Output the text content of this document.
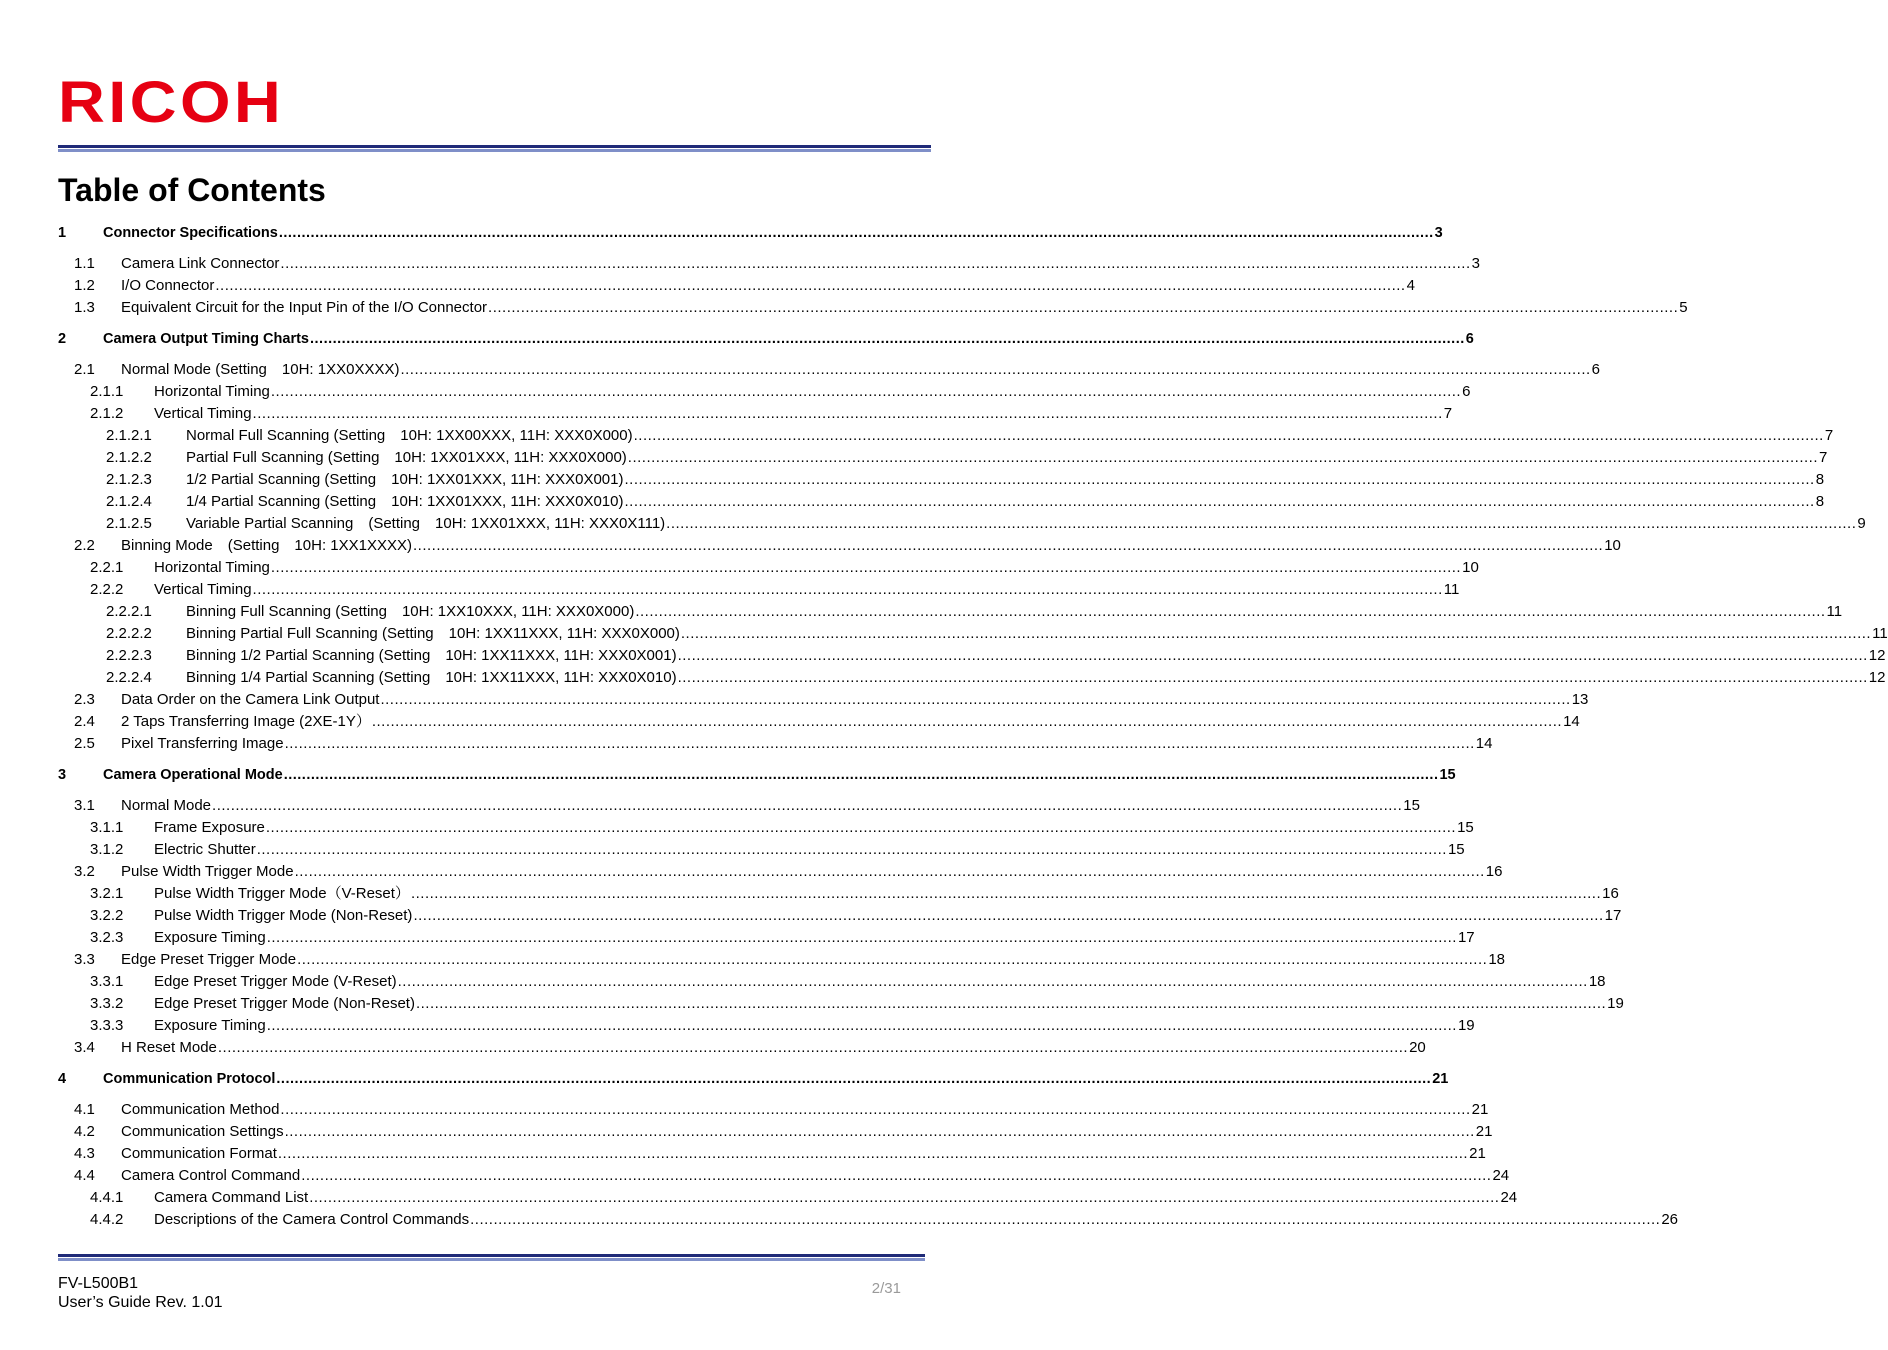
RICOH
Table of Contents
1	Connector Specifications .....	3
1.1	Camera Link Connector .....	3
1.2	I/O Connector .....	4
1.3	Equivalent Circuit for the Input Pin of the I/O Connector .....	5
2	Camera Output Timing Charts .....	6
2.1	Normal Mode (Setting　10H: 1XX0XXXX) .....	6
2.1.1	Horizontal Timing .....	6
2.1.2	Vertical Timing .....	7
2.1.2.1	Normal Full Scanning (Setting　10H: 1XX00XXX, 11H: XXX0X000) .....	7
2.1.2.2	Partial Full Scanning (Setting　10H: 1XX01XXX, 11H: XXX0X000) .....	7
2.1.2.3	1/2 Partial Scanning (Setting　10H: 1XX01XXX, 11H: XXX0X001) .....	8
2.1.2.4	1/4 Partial Scanning (Setting　10H: 1XX01XXX, 11H: XXX0X010) .....	8
2.1.2.5	Variable Partial Scanning　(Setting　10H: 1XX01XXX, 11H: XXX0X111) .....	9
2.2	Binning Mode　(Setting　10H: 1XX1XXXX) .....	10
2.2.1	Horizontal Timing .....	10
2.2.2	Vertical Timing .....	11
2.2.2.1	Binning Full Scanning (Setting　10H: 1XX10XXX, 11H: XXX0X000) .....	11
2.2.2.2	Binning Partial Full Scanning (Setting　10H: 1XX11XXX, 11H: XXX0X000) .....	11
2.2.2.3	Binning 1/2 Partial Scanning (Setting　10H: 1XX11XXX, 11H: XXX0X001) .....	12
2.2.2.4	Binning 1/4 Partial Scanning (Setting　10H: 1XX11XXX, 11H: XXX0X010) .....	12
2.3	Data Order on the Camera Link Output .....	13
2.4	2 Taps Transferring Image (2XE-1Y） .....	14
2.5	Pixel Transferring Image .....	14
3	Camera Operational Mode .....	15
3.1	Normal Mode .....	15
3.1.1	Frame Exposure .....	15
3.1.2	Electric Shutter .....	15
3.2	Pulse Width Trigger Mode .....	16
3.2.1	Pulse Width Trigger Mode（V-Reset） .....	16
3.2.2	Pulse Width Trigger Mode (Non-Reset) .....	17
3.2.3	Exposure Timing .....	17
3.3	Edge Preset Trigger Mode .....	18
3.3.1	Edge Preset Trigger Mode (V-Reset) .....	18
3.3.2	Edge Preset Trigger Mode (Non-Reset) .....	19
3.3.3	Exposure Timing .....	19
3.4	H Reset Mode .....	20
4	Communication Protocol .....	21
4.1	Communication Method .....	21
4.2	Communication Settings .....	21
4.3	Communication Format .....	21
4.4	Camera Control Command .....	24
4.4.1	Camera Command List .....	24
4.4.2	Descriptions of the Camera Control Commands .....	26
FV-L500B1
User’s Guide Rev. 1.01
2/31
